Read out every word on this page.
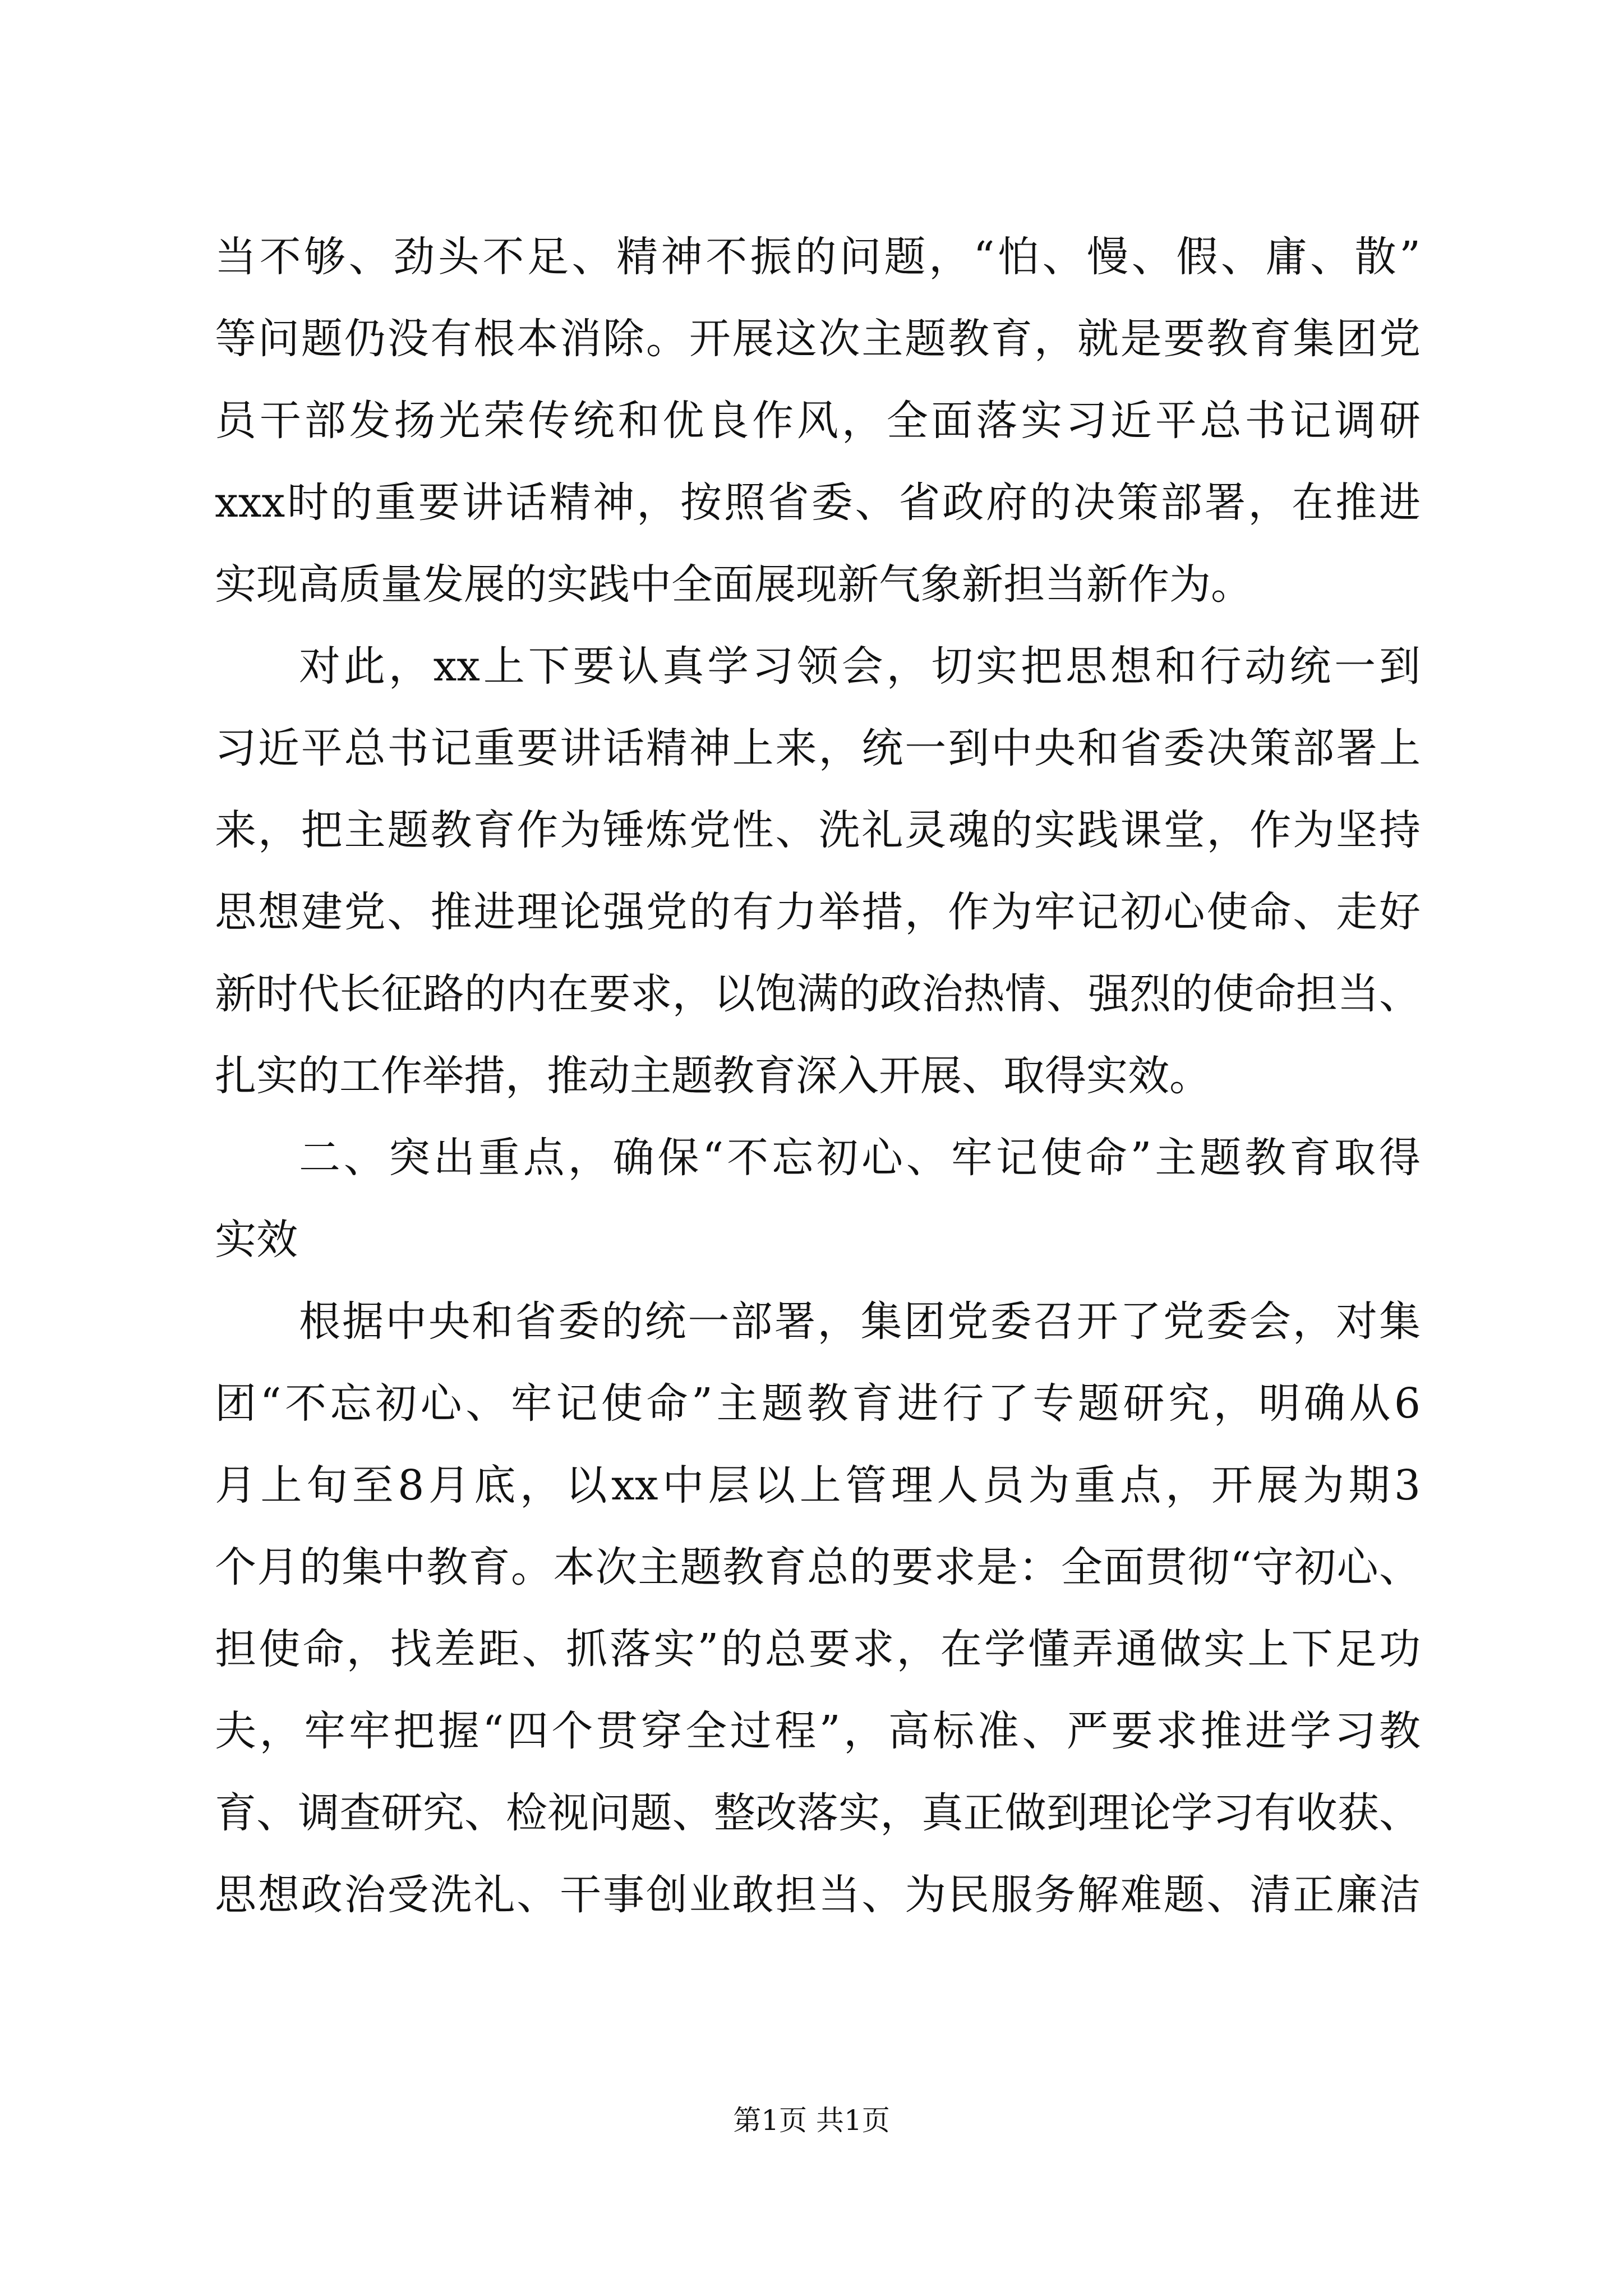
当不够、劲头不足、精神不振的问题，“怕、慢、假、庸、散”
等问题仍没有根本消除。开展这次主题教育，就是要教育集团党
员干部发扬光荣传统和优良作风，全面落实习近平总书记调研
xxx时的重要讲话精神，按照省委、省政府的决策部署，在推进
实现高质量发展的实践中全面展现新气象新担当新作为。
对此，xx上下要认真学习领会，切实把思想和行动统一到
习近平总书记重要讲话精神上来，统一到中央和省委决策部署上
来，把主题教育作为锤炼党性、洗礼灵魂的实践课堂，作为坚持
思想建党、推进理论强党的有力举措，作为牢记初心使命、走好
新时代长征路的内在要求，以饱满的政治热情、强烈的使命担当、
扎实的工作举措，推动主题教育深入开展、取得实效。
二、突出重点，确保“不忘初心、牢记使命”主题教育取得
实效
根据中央和省委的统一部署，集团党委召开了党委会，对集
团“不忘初心、牢记使命”主题教育进行了专题研究，明确从6
月上旬至8月底，以xx中层以上管理人员为重点，开展为期3
个月的集中教育。本次主题教育总的要求是：全面贯彻“守初心、
担使命，找差距、抓落实”的总要求，在学懂弄通做实上下足功
夫，牢牢把握“四个贯穿全过程”，高标准、严要求推进学习教
育、调查研究、检视问题、整改落实，真正做到理论学习有收获、
思想政治受洗礼、干事创业敢担当、为民服务解难题、清正廉洁
第1页 共1页
